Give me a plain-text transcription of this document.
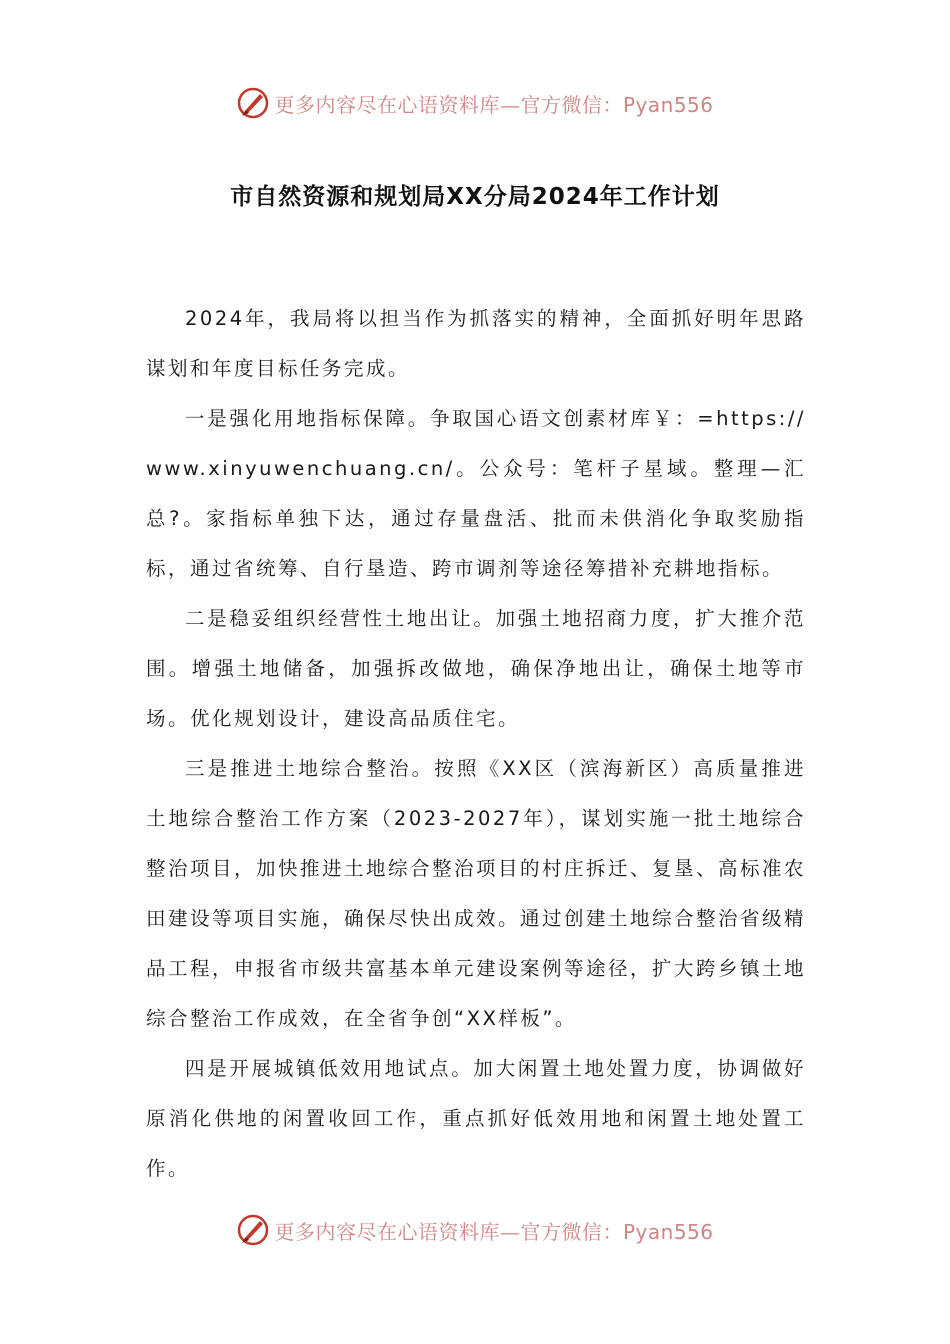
更多内容尽在心语资料库—官方微信：Pyan556
市自然资源和规划局XX分局2024年工作计划

2024年，我局将以担当作为抓落实的精神，全面抓好明年思路谋划和年度目标任务完成。

一是强化用地指标保障。争取国心语文创素材库￥：=https://www.xinyuwenchuang.cn/。公众号：笔杆子星域。整理—汇总?。家指标单独下达，通过存量盘活、批而未供消化争取奖励指标，通过省统筹、自行垦造、跨市调剂等途径筹措补充耕地指标。

二是稳妥组织经营性土地出让。加强土地招商力度，扩大推介范围。增强土地储备，加强拆改做地，确保净地出让，确保土地等市场。优化规划设计，建设高品质住宅。

三是推进土地综合整治。按照《XX区（滨海新区）高质量推进土地综合整治工作方案（2023-2027年），谋划实施一批土地综合整治项目，加快推进土地综合整治项目的村庄拆迁、复垦、高标准农田建设等项目实施，确保尽快出成效。通过创建土地综合整治省级精品工程，申报省市级共富基本单元建设案例等途径，扩大跨乡镇土地综合整治工作成效，在全省争创“XX样板”。

四是开展城镇低效用地试点。加大闲置土地处置力度，协调做好原消化供地的闲置收回工作，重点抓好低效用地和闲置土地处置工作。

更多内容尽在心语资料库—官方微信：Pyan556
